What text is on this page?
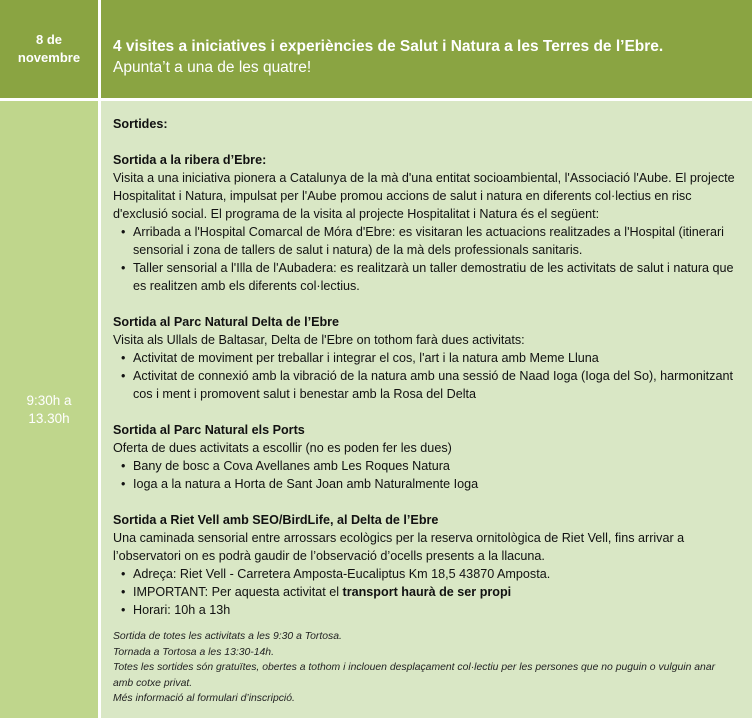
8 de novembre
4 visites a iniciatives i experiències de Salut i Natura a les Terres de l’Ebre.
Apunta’t a una de les quatre!
9:30h a 13.30h

Sortides:

Sortida a la ribera d’Ebre:

Visita a una iniciativa pionera a Catalunya de la mà d'una entitat socioambiental, l'Associació l'Aube. El projecte Hospitalitat i Natura, impulsat per l'Aube promou accions de salut i natura en diferents col·lectius en risc d'exclusió social. El programa de la visita al projecte Hospitalitat i Natura és el següent:

• Arribada a l'Hospital Comarcal de Móra d'Ebre: es visitaran les actuacions realitzades a l'Hospital (itinerari sensorial i zona de tallers de salut i natura) de la mà dels professionals sanitaris.
• Taller sensorial a l'Illa de l'Aubadera: es realitzarà un taller demostratiu de les activitats de salut i natura que es realitzen amb els diferents col·lectius.

Sortida al Parc Natural Delta de l’Ebre

Visita als Ullals de Baltasar, Delta de l'Ebre on tothom farà dues activitats:

• Activitat de moviment per treballar i integrar el cos, l'art i la natura amb Meme Lluna
• Activitat de connexió amb la vibració de la natura amb una sessió de Naad Ioga (Ioga del So), harmonitzant cos i ment i promovent salut i benestar amb la Rosa del Delta

Sortida al Parc Natural els Ports

Oferta de dues activitats a escollir (no es poden fer les dues)

• Bany de bosc a Cova Avellanes amb Les Roques Natura
• Ioga a la natura a Horta de Sant Joan amb Naturalmente Ioga

Sortida a Riet Vell amb SEO/BirdLife, al Delta de l’Ebre

Una caminada sensorial entre arrossars ecològics per la reserva ornitològica de Riet Vell, fins arrivar a l’observatori on es podrà gaudir de l’observació d’ocells presents a la llacuna.

• Adreça: Riet Vell - Carretera Amposta-Eucaliptus Km 18,5 43870 Amposta.
• IMPORTANT: Per aquesta activitat el transport haurà de ser propi
• Horari: 10h a 13h

Sortida de totes les activitats a les 9:30 a Tortosa.

Tornada a Tortosa a les 13:30-14h.

Totes les sortides són gratuïtes, obertes a tothom i inclouen desplaçament col·lectiu per les persones que no puguin o vulguin anar amb cotxe privat.

Més informació al formulari d’inscripció.
